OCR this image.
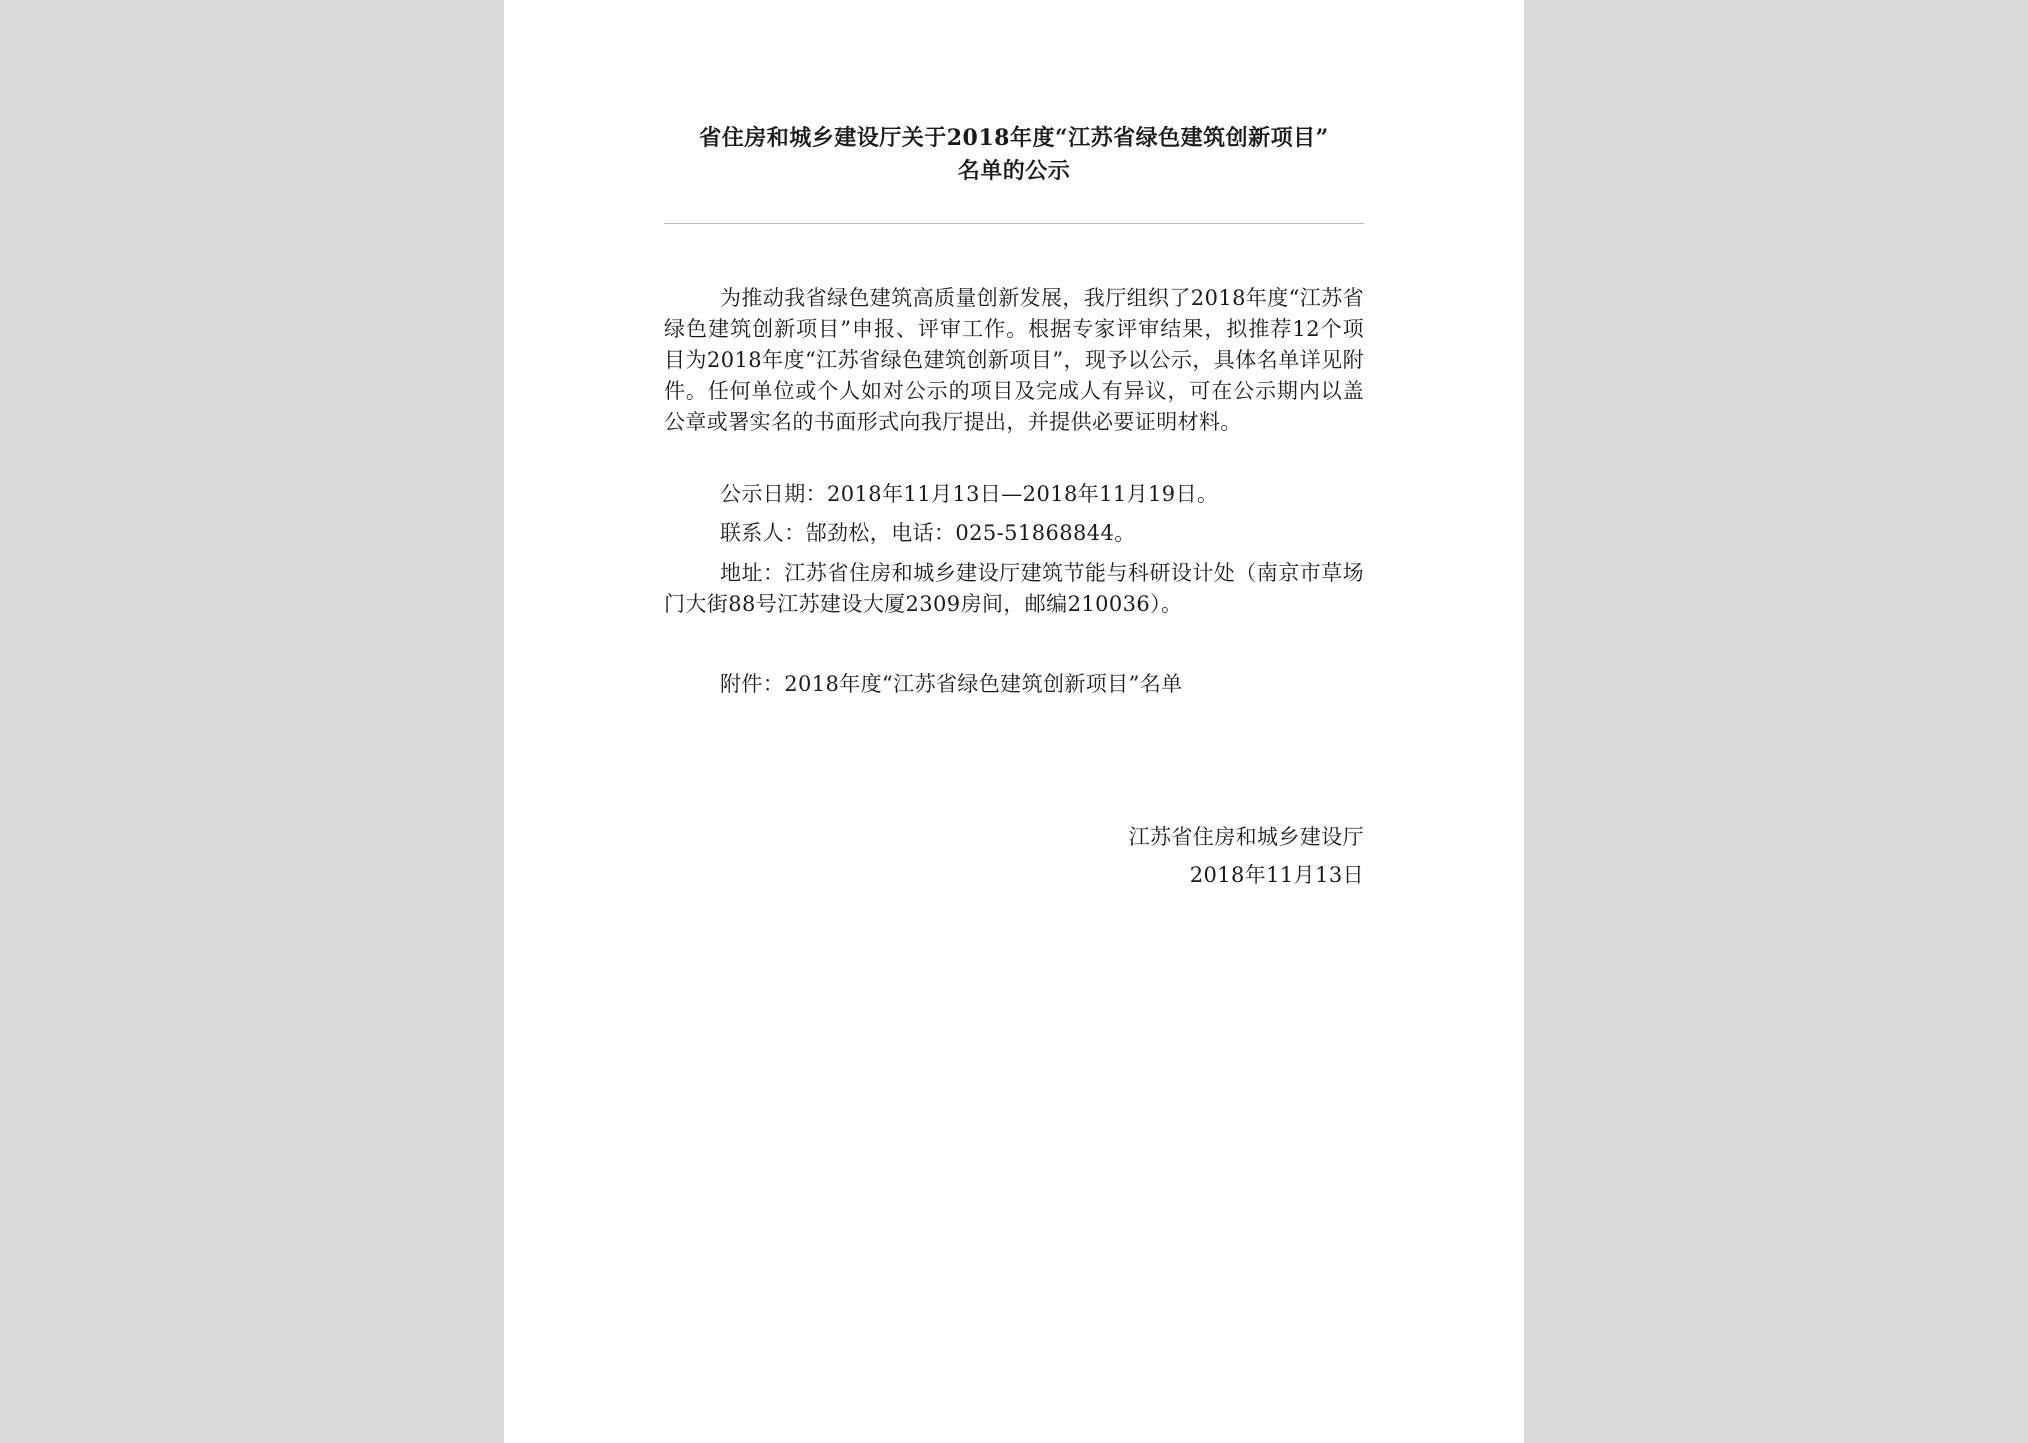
省住房和城乡建设厅关于2018年度“江苏省绿色建筑创新项目”
名单的公示
为推动我省绿色建筑高质量创新发展，我厅组织了2018年度“江苏省绿色建筑创新项目”申报、评审工作。根据专家评审结果，拟推荐12个项目为2018年度“江苏省绿色建筑创新项目”，现予以公示，具体名单详见附件。任何单位或个人如对公示的项目及完成人有异议，可在公示期内以盖公章或署实名的书面形式向我厅提出，并提供必要证明材料。
公示日期：2018年11月13日—2018年11月19日。
联系人：郜劲松，电话：025-51868844。
地址：江苏省住房和城乡建设厅建筑节能与科研设计处（南京市草场门大街88号江苏建设大厦2309房间，邮编210036）。
附件：2018年度“江苏省绿色建筑创新项目”名单
江苏省住房和城乡建设厅
2018年11月13日
